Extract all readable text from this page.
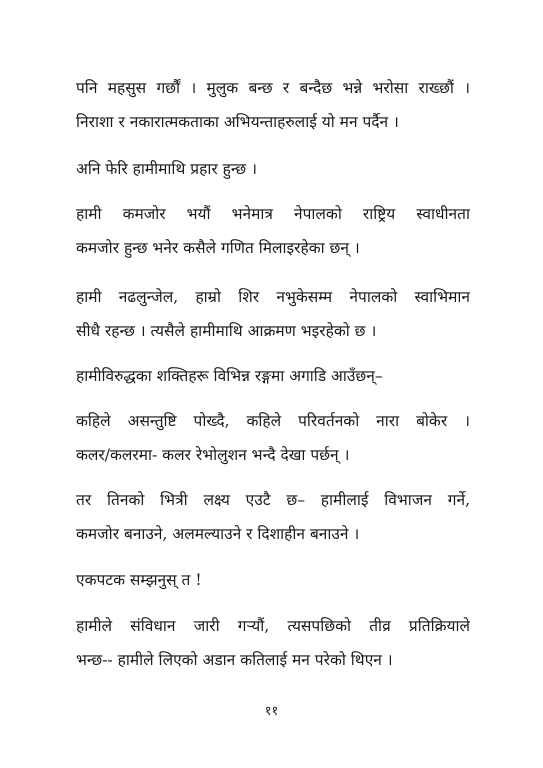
पनि महसुस गर्छौं । मुलुक बन्छ र बन्दैछ भन्ने भरोसा राख्छौं ।
निराशा र नकारात्मकताका अभियन्ताहरुलाई यो मन पर्दैन ।
अनि फेरि हामीमाथि प्रहार हुन्छ ।
हामी कमजोर भयौं भनेमात्र नेपालको राष्ट्रिय स्वाधीनता
कमजोर हुन्छ भनेर कसैले गणित मिलाइरहेका छन् ।
हामी नढलुन्जेल, हाम्रो शिर नभुकेसम्म नेपालको स्वाभिमान
सीधै रहन्छ । त्यसैले हामीमाथि आक्रमण भइरहेको छ ।
हामीविरुद्धका शक्तिहरू विभिन्न रङ्गमा अगाडि आउँछन्–
कहिले असन्तुष्टि पोख्दै, कहिले परिवर्तनको नारा बोकेर ।
कलर/कलरमा- कलर रेभोलुशन भन्दै देखा पर्छन् ।
तर तिनको भित्री लक्ष्य एउटै छ– हामीलाई विभाजन गर्ने,
कमजोर बनाउने, अलमल्याउने र दिशाहीन बनाउने ।
एकपटक सम्झनुस् त !
हामीले संविधान जारी गर्‍यौं, त्यसपछिको तीव्र प्रतिक्रियाले
भन्छ-- हामीले लिएको अडान कतिलाई मन परेको थिएन ।
११
